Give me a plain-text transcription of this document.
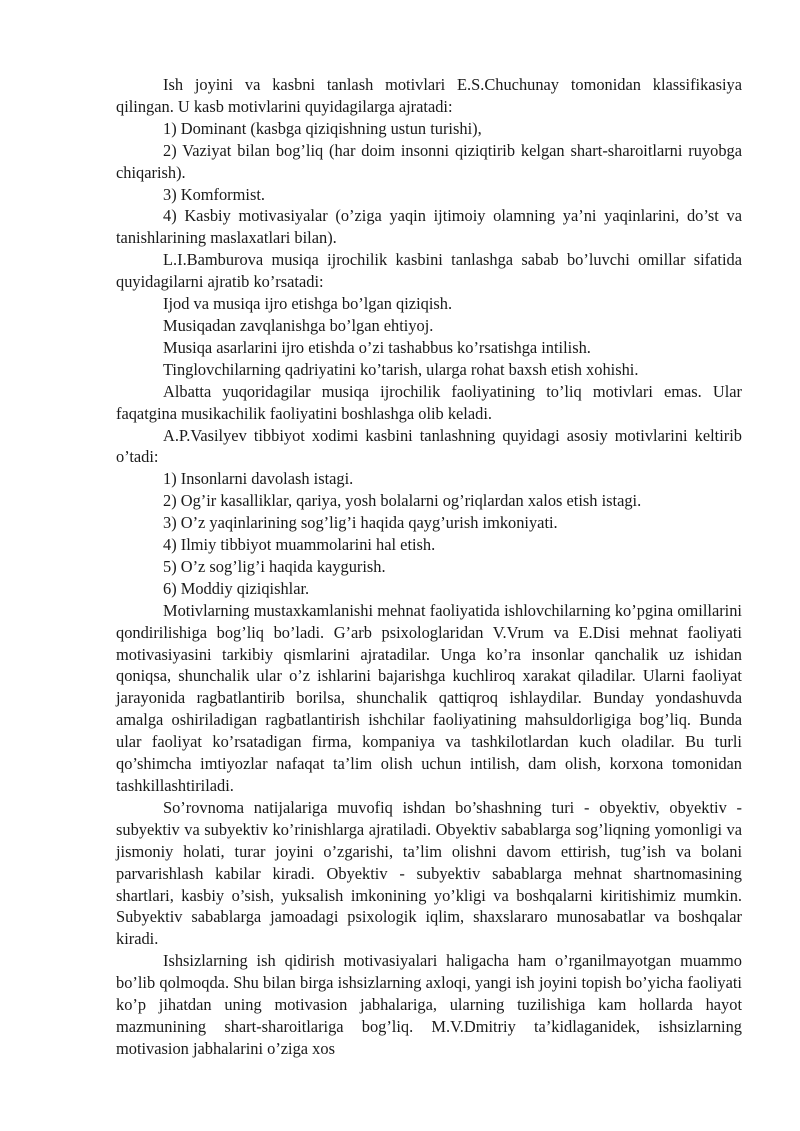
Ish joyini va kasbni tanlash motivlari E.S.Chuchunay tomonidan klassifikasiya qilingan. U kasb motivlarini quyidagilarga ajratadi:

1) Dominant (kasbga qiziqishning ustun turishi),

2) Vaziyat bilan bog’liq (har doim insonni qiziqtirib kelgan shart-sharoitlarni ruyobga chiqarish).

3) Komformist.

4) Kasbiy motivasiyalar (o’ziga yaqin ijtimoiy olamning ya’ni yaqinlarini, do’st va tanishlarining maslaxatlari bilan).

L.I.Bamburova musiqa ijrochilik kasbini tanlashga sabab bo’luvchi omillar sifatida quyidagilarni ajratib ko’rsatadi:

Ijod va musiqa ijro etishga bo’lgan qiziqish.

Musiqadan zavqlanishga bo’lgan ehtiyoj.

Musiqa asarlarini ijro etishda o’zi tashabbus ko’rsatishga intilish.

Tinglovchilarning qadriyatini ko’tarish, ularga rohat baxsh etish xohishi.

Albatta yuqoridagilar musiqa ijrochilik faoliyatining to’liq motivlari emas. Ular faqatgina musikachilik faoliyatini boshlashga olib keladi.

A.P.Vasilyev tibbiyot xodimi kasbini tanlashning quyidagi asosiy motivlarini keltirib o’tadi:

1) Insonlarni davolash istagi.

2) Og’ir kasalliklar, qariya, yosh bolalarni og’riqlardan xalos etish istagi.

3) O’z yaqinlarining sog’lig’i haqida qayg’urish imkoniyati.

4) Ilmiy tibbiyot muammolarini hal etish.

5) O’z sog’lig’i haqida kaygurish.

6) Moddiy qiziqishlar.

Motivlarning mustaxkamlanishi mehnat faoliyatida ishlovchilarning ko’pgina omillarini qondirilishiga bog’liq bo’ladi. G’arb psixologlaridan V.Vrum va E.Disi mehnat faoliyati motivasiyasini tarkibiy qismlarini ajratadilar. Unga ko’ra insonlar qanchalik uz ishidan qoniqsa, shunchalik ular o’z ishlarini bajarishga kuchliroq xarakat qiladilar. Ularni faoliyat jarayonida ragbatlantirib borilsa, shunchalik qattiqroq ishlaydilar. Bunday yondashuvda amalga oshiriladigan ragbatlantirish ishchilar faoliyatining mahsuldorligiga bog’liq. Bunda ular faoliyat ko’rsatadigan firma, kompaniya va tashkilotlardan kuch oladilar. Bu turli qo’shimcha imtiyozlar nafaqat ta’lim olish uchun intilish, dam olish, korxona tomonidan tashkillashtiriladi.

So’rovnoma natijalariga muvofiq ishdan bo’shashning turi - obyektiv, obyektiv - subyektiv va subyektiv ko’rinishlarga ajratiladi. Obyektiv sabablarga sog’liqning yomonligi va jismoniy holati, turar joyini o’zgarishi, ta’lim olishni davom ettirish, tug’ish va bolani parvarishlash kabilar kiradi. Obyektiv - subyektiv sabablarga mehnat shartnomasining shartlari, kasbiy o’sish, yuksalish imkonining yo’kligi va boshqalarni kiritishimiz mumkin. Subyektiv sabablarga jamoadagi psixologik iqlim, shaxslararo munosabatlar va boshqalar kiradi.

Ishsizlarning ish qidirish motivasiyalari haligacha ham o’rganilmayotgan muammo bo’lib qolmoqda. Shu bilan birga ishsizlarning axloqi, yangi ish joyini topish bo’yicha faoliyati ko’p jihatdan uning motivasion jabhalariga, ularning tuzilishiga kam hollarda hayot mazmunining shart-sharoitlariga bog’liq. M.V.Dmitriy ta’kidlaganidek, ishsizlarning motivasion jabhalarini o’ziga xos
